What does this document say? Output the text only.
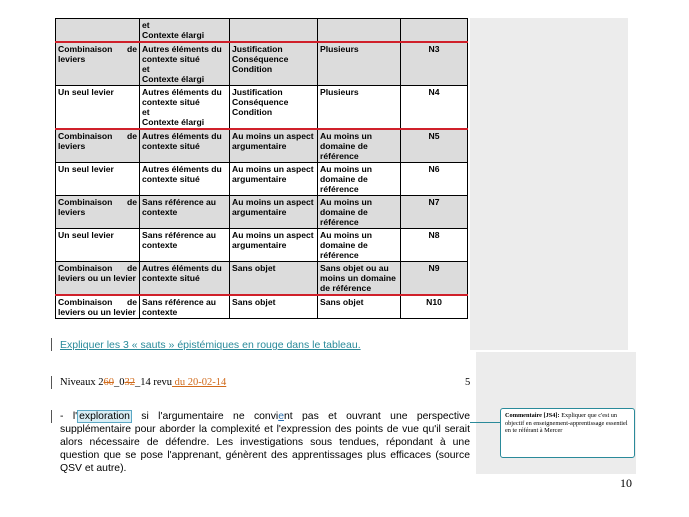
	et
Contexte élargi			
Combinaison de leviers	Autres éléments du contexte situé
et
Contexte élargi	Justification
Conséquence
Condition	Plusieurs	N3
Un seul levier	Autres éléments du contexte situé
et
Contexte élargi	Justification
Conséquence
Condition	Plusieurs	N4
Combinaison de leviers	Autres éléments du contexte situé	Au moins un aspect argumentaire	Au moins un domaine de référence	N5
Un seul levier	Autres éléments du contexte situé	Au moins un aspect argumentaire	Au moins un domaine de référence	N6
Combinaison de leviers	Sans référence au contexte	Au moins un aspect argumentaire	Au moins un domaine de référence	N7
Un seul levier	Sans référence au contexte	Au moins un aspect argumentaire	Au moins un domaine de référence	N8
Combinaison de leviers ou un levier	Autres éléments du contexte situé	Sans objet	Sans objet ou au moins un domaine de référence	N9
Combinaison de leviers ou un levier	Sans référence au contexte	Sans objet	Sans objet	N10
Expliquer les 3 « sauts » épistémiques en rouge dans le tableau.
Niveaux 260_032_14 revu du 20-02-14	5
- l' exploration si l'argumentaire ne convient pas et ouvrant une perspective supplémentaire pour aborder la complexité et l'expression des points de vue qu'il serait alors nécessaire de défendre. Les investigations sous tendues, répondant à une question que se pose l'apprenant, génèrent des apprentissages plus efficaces (source QSV et autre).
Commentaire [JS4]: Expliquer que c'est un objectif en enseignement-apprentissage essentiel en te référant à Mercer
10
